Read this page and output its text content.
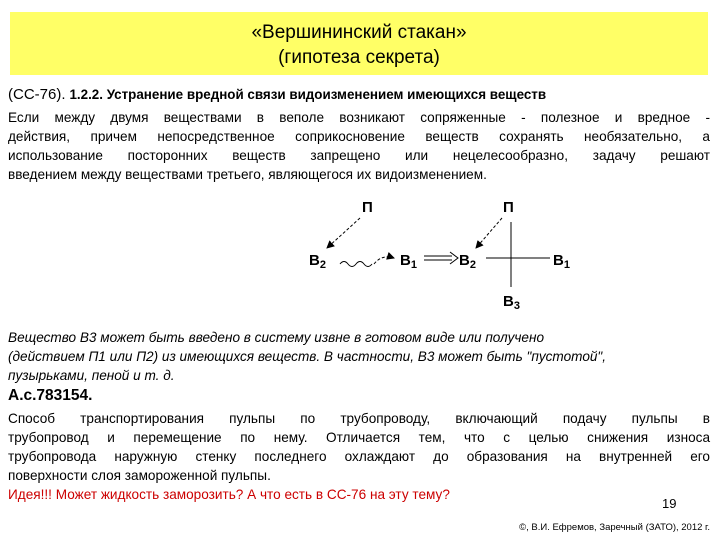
«Вершининский стакан»
(гипотеза секрета)
(СС-76). 1.2.2. Устранение вредной связи видоизменением имеющихся веществ
Если между двумя веществами в веполе возникают сопряженные - полезное и вредное -
действия, причем непосредственное соприкосновение веществ сохранять необязательно, а
использование посторонних веществ запрещено или нецелесообразно, задачу решают
введением между веществами третьего, являющегося их видоизменением.
П
$В_2$	$В_1$	$В_2$
П
$В_1$
$В_3$
Вещество В3 может быть введено в систему извне в готовом виде или получено
(действием П1 или П2) из имеющихся веществ. В частности, В3 может быть "пустотой",
пузырьками, пеной и т. д.
А.с.783154.
Способ транспортирования пульпы по трубопроводу, включающий подачу пульпы в
трубопровод и перемещение по нему. Отличается тем, что с целью снижения износа
трубопровода наружную стенку последнего охлаждают до образования на внутренней его
поверхности слоя замороженной пульпы.
Идея!!! Может жидкость заморозить? А что есть в СС-76 на эту тему?
19
©, В.И. Ефремов, Заречный (ЗАТО), 2012 г.
